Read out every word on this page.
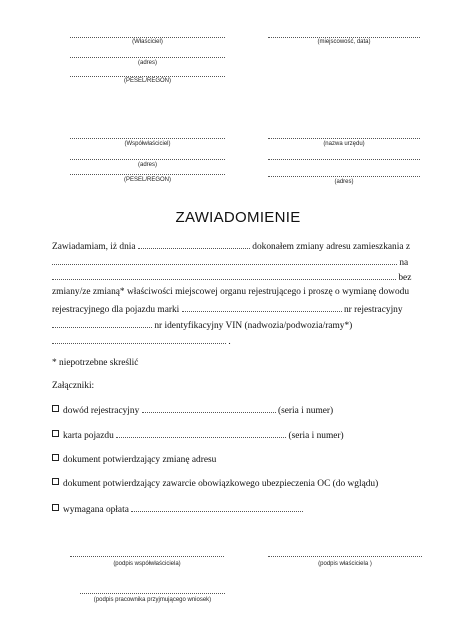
(Właściciel)
(adres)
(PESEL/REGON)
(Współwłaściciel)
(adres)
(PESEL/REGON)
(miejscowość, data)
(nazwa urzędu)
(adres)
ZAWIADOMIENIE
Zawiadamiam, iż dnia	dokonałem zmiany adresu zamieszkania z
na
bez
zmiany/ze zmianą* właściwości miejscowej organu rejestrującego i proszę o wymianę dowodu
rejestracyjnego dla pojazdu marki	nr rejestracyjny
nr identyfikacyjny VIN (nadwozia/podwozia/ramy*)
.
* niepotrzebne skreślić
Załączniki:
dowód rejestracyjny	(seria i numer)
karta pojazdu	(seria i numer)
dokument potwierdzający zmianę adresu
dokument potwierdzający zawarcie obowiązkowego ubezpieczenia OC (do wglądu)
wymagana opłata
(podpis współwłaściciela)	(podpis właściciela )
(podpis pracownika przyjmującego wniosek)
